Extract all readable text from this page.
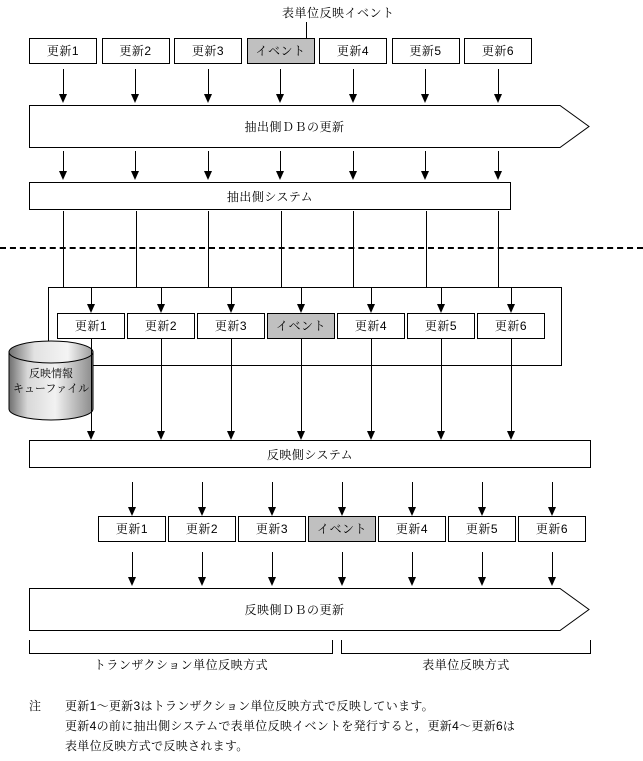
表単位反映イベント
更新1	更新2	更新3	イベント	更新4	更新5	更新6
抽出側ＤＢの更新
抽出側システム
更新1	更新2	更新3 イベント 更新4	更新5	更新6
反映情報
キューファイル
反映側システム
更新1	更新2	更新3 イベント 更新4	更新5	更新6
反映側ＤＢの更新
トランザクション単位反映方式	表単位反映方式
注 更新1～更新3はトランザクション単位反映方式で反映しています。
更新4の前に抽出側システムで表単位反映イベントを発行すると，更新4～更新6は
表単位反映方式で反映されます。
